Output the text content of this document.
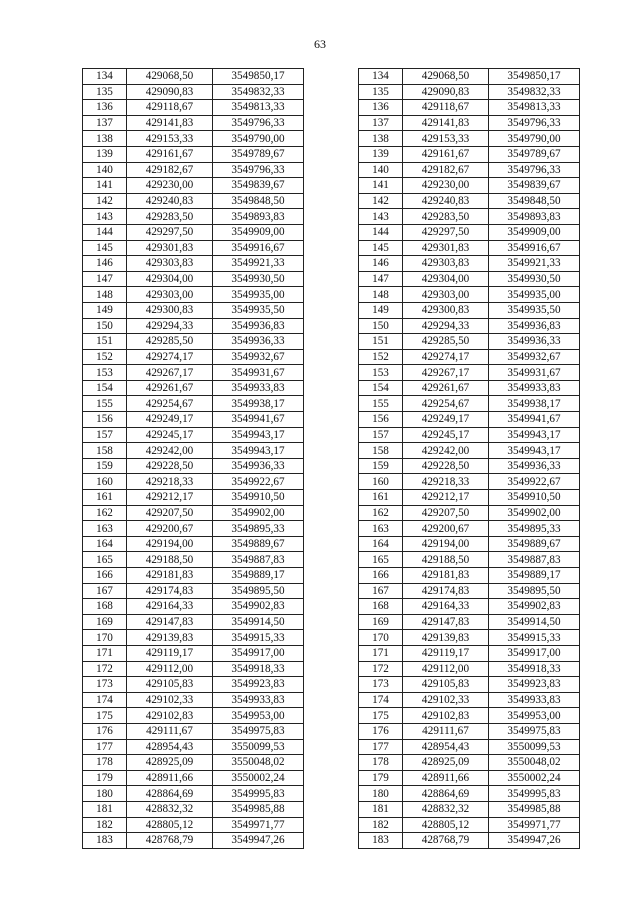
63
134	429068,50	3549850,17
135	429090,83	3549832,33
136	429118,67	3549813,33
137	429141,83	3549796,33
138	429153,33	3549790,00
139	429161,67	3549789,67
140	429182,67	3549796,33
141	429230,00	3549839,67
142	429240,83	3549848,50
143	429283,50	3549893,83
144	429297,50	3549909,00
145	429301,83	3549916,67
146	429303,83	3549921,33
147	429304,00	3549930,50
148	429303,00	3549935,00
149	429300,83	3549935,50
150	429294,33	3549936,83
151	429285,50	3549936,33
152	429274,17	3549932,67
153	429267,17	3549931,67
154	429261,67	3549933,83
155	429254,67	3549938,17
156	429249,17	3549941,67
157	429245,17	3549943,17
158	429242,00	3549943,17
159	429228,50	3549936,33
160	429218,33	3549922,67
161	429212,17	3549910,50
162	429207,50	3549902,00
163	429200,67	3549895,33
164	429194,00	3549889,67
165	429188,50	3549887,83
166	429181,83	3549889,17
167	429174,83	3549895,50
168	429164,33	3549902,83
169	429147,83	3549914,50
170	429139,83	3549915,33
171	429119,17	3549917,00
172	429112,00	3549918,33
173	429105,83	3549923,83
174	429102,33	3549933,83
175	429102,83	3549953,00
176	429111,67	3549975,83
177	428954,43	3550099,53
178	428925,09	3550048,02
179	428911,66	3550002,24
180	428864,69	3549995,83
181	428832,32	3549985,88
182	428805,12	3549971,77
183	428768,79	3549947,26
134	429068,50	3549850,17
135	429090,83	3549832,33
136	429118,67	3549813,33
137	429141,83	3549796,33
138	429153,33	3549790,00
139	429161,67	3549789,67
140	429182,67	3549796,33
141	429230,00	3549839,67
142	429240,83	3549848,50
143	429283,50	3549893,83
144	429297,50	3549909,00
145	429301,83	3549916,67
146	429303,83	3549921,33
147	429304,00	3549930,50
148	429303,00	3549935,00
149	429300,83	3549935,50
150	429294,33	3549936,83
151	429285,50	3549936,33
152	429274,17	3549932,67
153	429267,17	3549931,67
154	429261,67	3549933,83
155	429254,67	3549938,17
156	429249,17	3549941,67
157	429245,17	3549943,17
158	429242,00	3549943,17
159	429228,50	3549936,33
160	429218,33	3549922,67
161	429212,17	3549910,50
162	429207,50	3549902,00
163	429200,67	3549895,33
164	429194,00	3549889,67
165	429188,50	3549887,83
166	429181,83	3549889,17
167	429174,83	3549895,50
168	429164,33	3549902,83
169	429147,83	3549914,50
170	429139,83	3549915,33
171	429119,17	3549917,00
172	429112,00	3549918,33
173	429105,83	3549923,83
174	429102,33	3549933,83
175	429102,83	3549953,00
176	429111,67	3549975,83
177	428954,43	3550099,53
178	428925,09	3550048,02
179	428911,66	3550002,24
180	428864,69	3549995,83
181	428832,32	3549985,88
182	428805,12	3549971,77
183	428768,79	3549947,26
